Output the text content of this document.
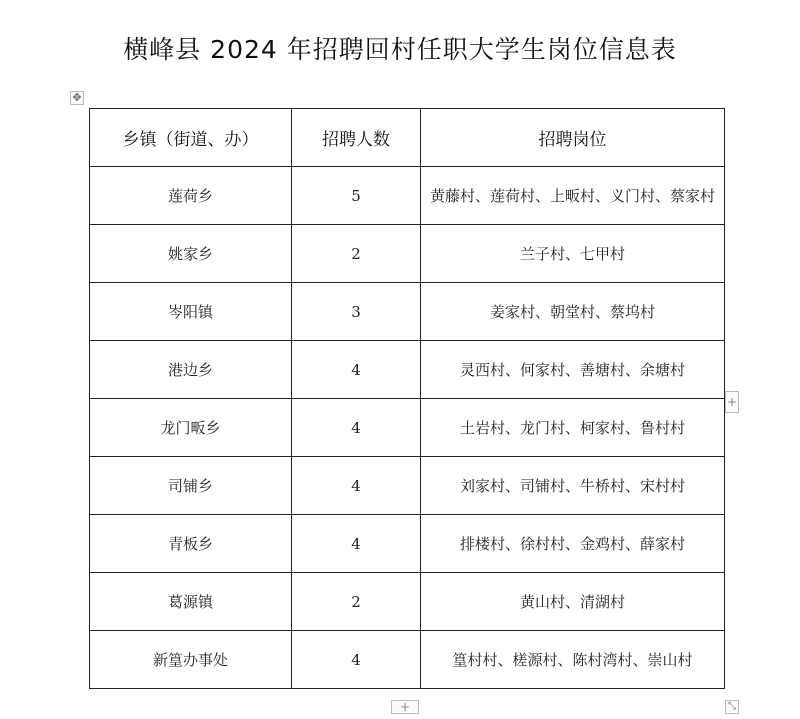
横峰县 2024 年招聘回村任职大学生岗位信息表
✥
乡镇（街道、办）	招聘人数	招聘岗位
莲荷乡	5	黄藤村、莲荷村、上畈村、义门村、蔡家村
姚家乡	2	兰子村、七甲村
岑阳镇	3	姜家村、朝堂村、蔡坞村
港边乡	4	灵西村、何家村、善塘村、余塘村
龙门畈乡	4	土岩村、龙门村、柯家村、鲁村村
司铺乡	4	刘家村、司铺村、牛桥村、宋村村
青板乡	4	排楼村、徐村村、金鸡村、薛家村
葛源镇	2	黄山村、清湖村
新篁办事处	4	篁村村、槎源村、陈村湾村、崇山村
+
+	⤡
